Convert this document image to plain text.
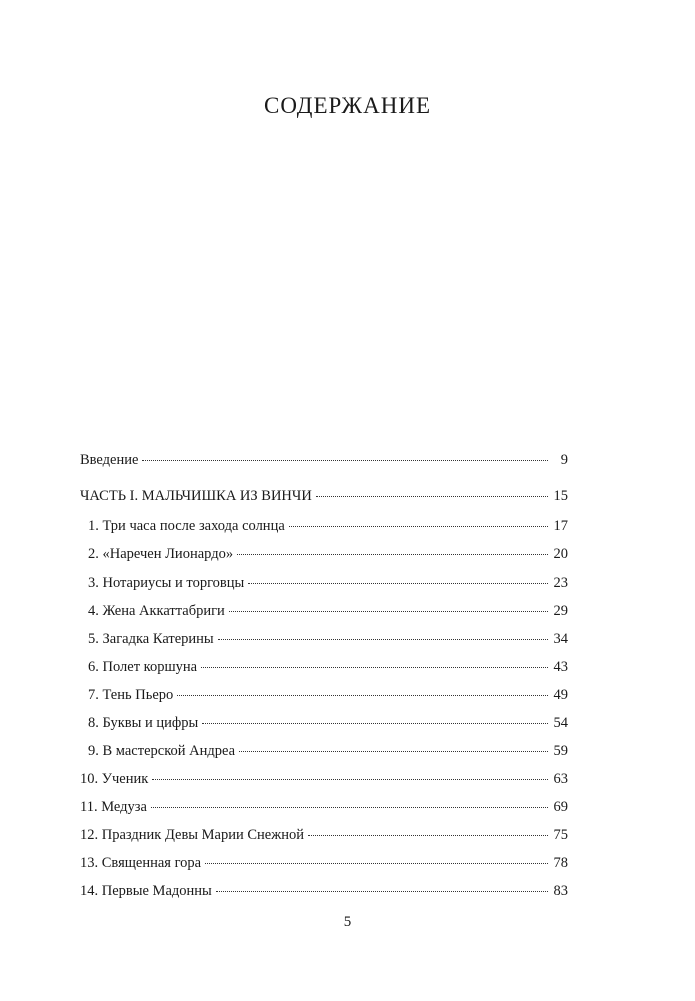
СОДЕРЖАНИЕ
Введение	9
ЧАСТЬ I. МАЛЬЧИШКА ИЗ ВИНЧИ	15
1. Три часа после захода солнца	17
2. «Наречен Лионардо»	20
3. Нотариусы и торговцы	23
4. Жена Аккаттабриги	29
5. Загадка Катерины	34
6. Полет коршуна	43
7. Тень Пьеро	49
8. Буквы и цифры	54
9. В мастерской Андреа	59
10. Ученик	63
11. Медуза	69
12. Праздник Девы Марии Снежной	75
13. Священная гора	78
14. Первые Мадонны	83
5
